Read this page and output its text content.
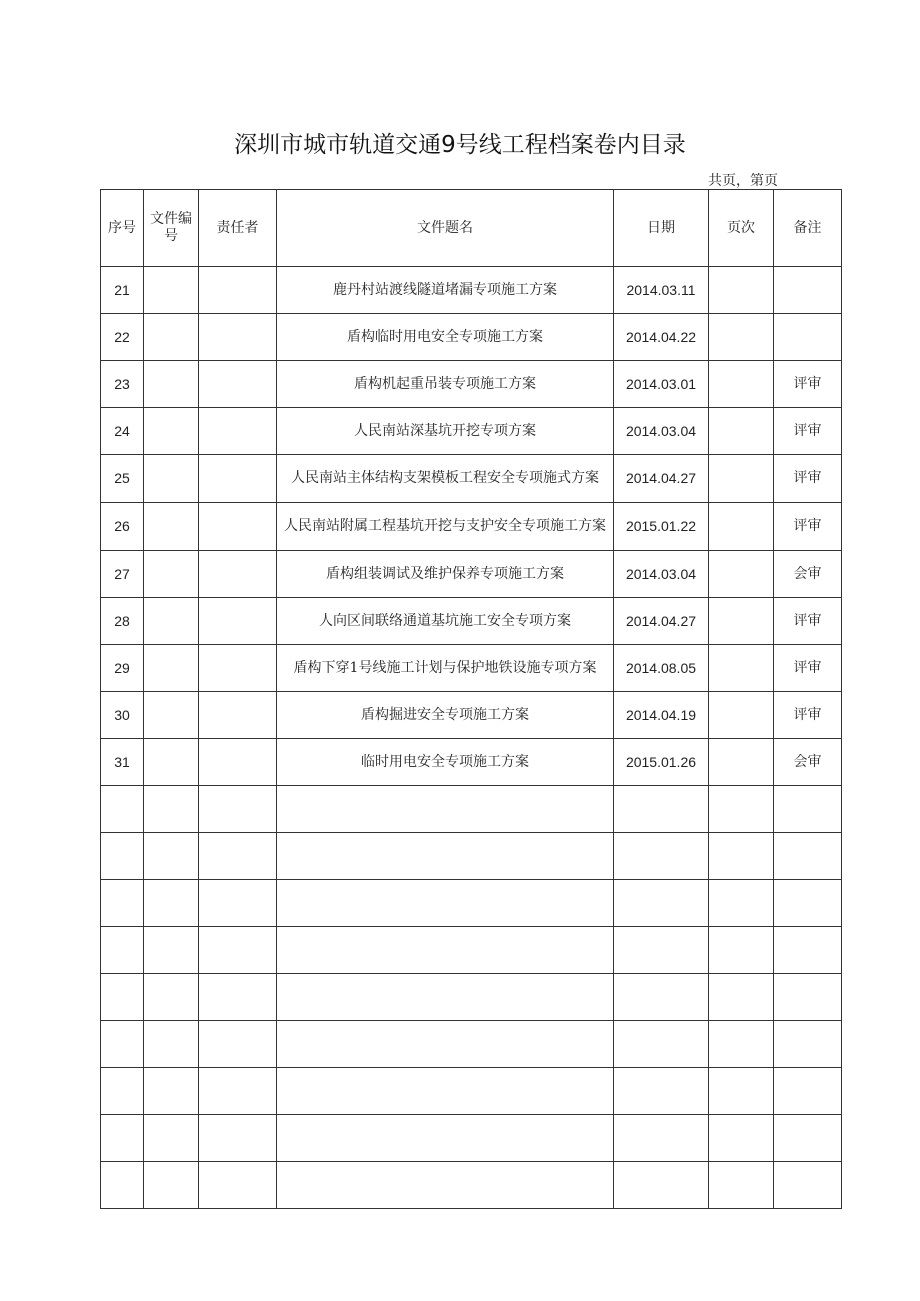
深圳市城市轨道交通9号线工程档案卷内目录
共页，第页
序号	文件编号	责任者	文件题名	日期	页次	备注
21			鹿丹村站渡线隧道堵漏专项施工方案	2014.03.11		
22			盾构临时用电安全专项施工方案	2014.04.22		
23			盾构机起重吊装专项施工方案	2014.03.01		评审
24			人民南站深基坑开挖专项方案	2014.03.04		评审
25			人民南站主体结构支架模板工程安全专项施式方案	2014.04.27		评审
26			人民南站附属工程基坑开挖与支护安全专项施工方案	2015.01.22		评审
27			盾构组装调试及维护保养专项施工方案	2014.03.04		会审
28			人向区间联络通道基坑施工安全专项方案	2014.04.27		评审
29			盾构下穿1号线施工计划与保护地铁设施专项方案	2014.08.05		评审
30			盾构掘进安全专项施工方案	2014.04.19		评审
31			临时用电安全专项施工方案	2015.01.26		会审
